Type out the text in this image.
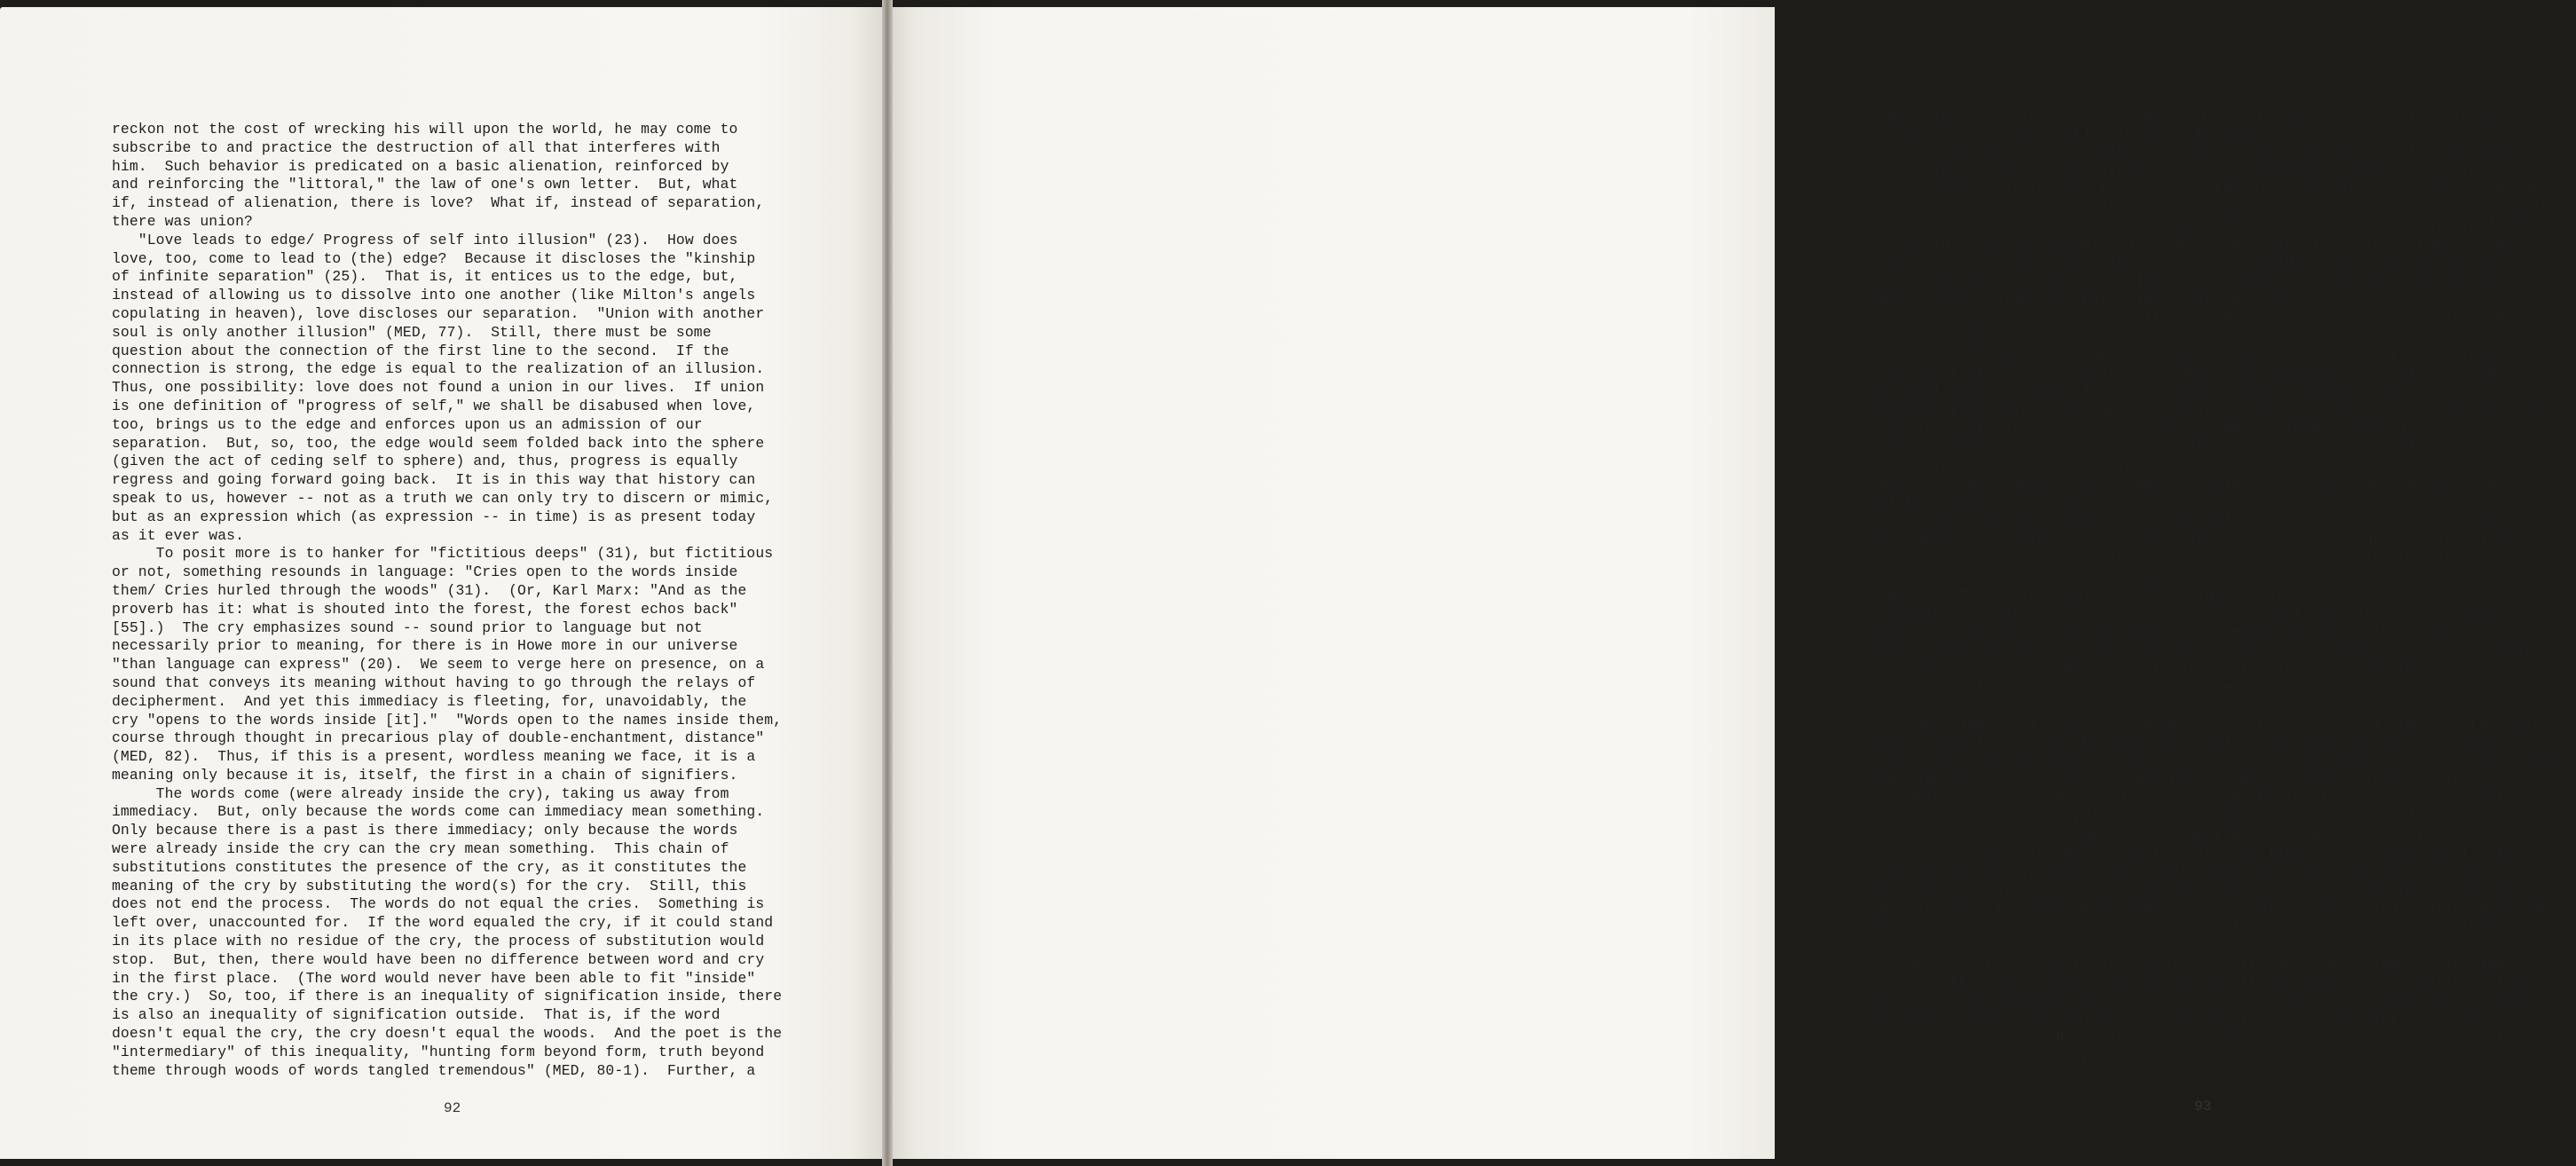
reckon not the cost of wrecking his will upon the world, he may come to
subscribe to and practice the destruction of all that interferes with
him.  Such behavior is predicated on a basic alienation, reinforced by
and reinforcing the "littoral," the law of one's own letter.  But, what
if, instead of alienation, there is love?  What if, instead of separation,
there was union?
"Love leads to edge/ Progress of self into illusion" (23).  How does
love, too, come to lead to (the) edge?  Because it discloses the "kinship
of infinite separation" (25).  That is, it entices us to the edge, but,
instead of allowing us to dissolve into one another (like Milton's angels
copulating in heaven), love discloses our separation.  "Union with another
soul is only another illusion" (MED, 77).  Still, there must be some
question about the connection of the first line to the second.  If the
connection is strong, the edge is equal to the realization of an illusion.
Thus, one possibility: love does not found a union in our lives.  If union
is one definition of "progress of self," we shall be disabused when love,
too, brings us to the edge and enforces upon us an admission of our
separation.  But, so, too, the edge would seem folded back into the sphere
(given the act of ceding self to sphere) and, thus, progress is equally
regress and going forward going back.  It is in this way that history can
speak to us, however -- not as a truth we can only try to discern or mimic,
but as an expression which (as expression -- in time) is as present today
as it ever was.
To posit more is to hanker for "fictitious deeps" (31), but fictitious
or not, something resounds in language: "Cries open to the words inside
them/ Cries hurled through the woods" (31).  (Or, Karl Marx: "And as the
proverb has it: what is shouted into the forest, the forest echos back"
[55].)  The cry emphasizes sound -- sound prior to language but not
necessarily prior to meaning, for there is in Howe more in our universe
"than language can express" (20).  We seem to verge here on presence, on a
sound that conveys its meaning without having to go through the relays of
decipherment.  And yet this immediacy is fleeting, for, unavoidably, the
cry "opens to the words inside [it]."  "Words open to the names inside them,
course through thought in precarious play of double-enchantment, distance"
(MED, 82).  Thus, if this is a present, wordless meaning we face, it is a
meaning only because it is, itself, the first in a chain of signifiers.
The words come (were already inside the cry), taking us away from
immediacy.  But, only because the words come can immediacy mean something.
Only because there is a past is there immediacy; only because the words
were already inside the cry can the cry mean something.  This chain of
substitutions constitutes the presence of the cry, as it constitutes the
meaning of the cry by substituting the word(s) for the cry.  Still, this
does not end the process.  The words do not equal the cries.  Something is
left over, unaccounted for.  If the word equaled the cry, if it could stand
in its place with no residue of the cry, the process of substitution would
stop.  But, then, there would have been no difference between word and cry
in the first place.  (The word would never have been able to fit "inside"
the cry.)  So, too, if there is an inequality of signification inside, there
is also an inequality of signification outside.  That is, if the word
doesn't equal the cry, the cry doesn't equal the woods.  And the poet is the
"intermediary" of this inequality, "hunting form beyond form, truth beyond
theme through woods of words tangled tremendous" (MED, 80-1).  Further, a
92
suggestion of violence is attendant on, at the least, this latter inequality,
for the "cries [are] hurled through the woods."
Through the word's coming to stand in place of the cry, the (probably
"fictitious") center substitutes for the (immediate) surface.  So, too,
through the substitutions there is a strategic reversal -- from words inside
to woods outside, as if going deeper inside led to the outside.  And couldn't
it do this only if there were an edge inside? (So you really could fall off
the world -- not geographically, but psychologically.)  Thus, these terms
("center," "surface," but also "inside," "outside"), as terms of function,
are not absolute.  They are relative and subject to change.  The outside folds
back on the inside and that fold creates an edge.⁷
This edge is not unique.  It runs through everyone and separates the
rational from the irrational, the inside from the outside, the self from the
world -- although, the edge keeps getting moved and, further, is permeable.
Through it all, there remains the "Universal separation/ -- Distant coherent
rational system// Vault lines divergence/ Atom keystone" (23).  It is no
accident that what is distant is coherent, nor that what is near upholds the
arch of sight ("keystone").  May we paraphrase Thomas Campbell and say "Tis
distance lends reason to the view?"  But what are the implications of this
view?  They may seem to return us to our claim that the cultural markers are
suspect -- we probably don't need to remind ourselves that "rational" need
not be a positive attribute.
On the one hand, there is a rational system -- over there.  Or: "World
as rigorously related system" (45).  But, on the other hand, "system [is]
impossible in Time" (37).  (And "Time [is] comprehended in Thought" [37].)
So, we have a concept (system, and, too, world as system) which transcends
time or, if you like, which is too large to fit into time.  This "distant
coherent rational system" may be present (in part) but it cannot belong to
anyone for it can not be grasped (or conveyed) in time.  This needn't
destroy the concept; it does, however, situate it elsewhere -- in a perennial
"elsewhere."  To see this doesn't, of itself, free us from the concept.
We may be all the more effectively haunted by it since we hear it but cannot
reach it.
More important than this, however, is the question of what the rational
system does to us.  By the light of timeless rationalism, we are deemed
irrational.  By the light of the system, we are what doesn't fit -- unsystematic
and chaotic.  We are seen as what passes, as extrinsic, idiosyncratic,
accidental, mortal.  We are disenfranchised by the Idea.  In such a context,
writing not only has a point, it has an edge.  We can use writing to unsettle
the issue, to open the question of importance, to wrest life from the rational.
Concurrent with this attempt is the shifting and overlapping of terms
from various disciplines.  None shall determine the frame for the poem.
Thus, physics gives us "atom," architecture "keystone," and psychology the
"unconscious" in "Dear Unconsious scatter syntax" (46).  This shifting is one
means Howe uses to prevent her discourse from solidifying, just as there is
a force (the "Unconscious," here) which unsettles disciplines and rational
systems, a force which resists and breaks through the systems  that bind.
For the same reason, Howe emphasizes the present -- as a point in time
it can not be systematized (at least, not in time; if systematized, it must
be removed from time, which is to say destroyed).⁸  Therefore: "Is must
open apparition past Halo view border redden/ possess remote so abstract
life are lost spatio-temporal hum" (18).  There is, there must be, an
93
